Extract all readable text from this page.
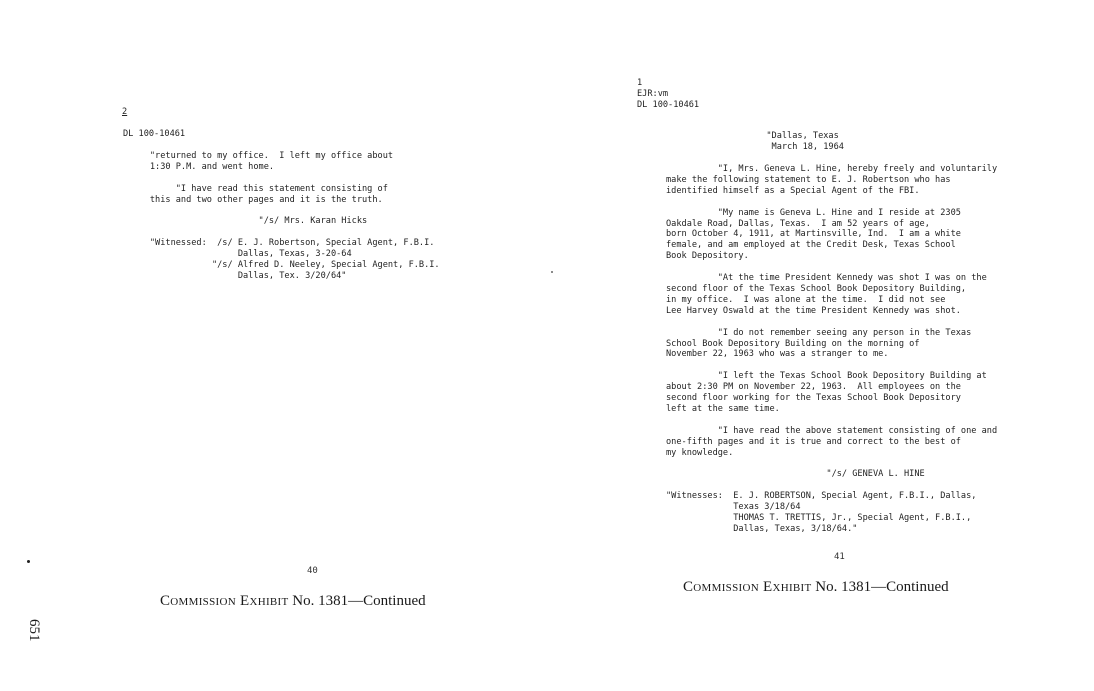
2
DL 100-10461
"returned to my office.  I left my office about
1:30 P.M. and went home.

"I have read this statement consisting of
this and two other pages and it is the truth.

"/s/ Mrs. Karan Hicks

"Witnessed:  /s/ E. J. Robertson, Special Agent, F.B.I.
Dallas, Texas, 3-20-64
"/s/ Alfred D. Neeley, Special Agent, F.B.I.
Dallas, Tex. 3/20/64"
40
Commission Exhibit No. 1381—Continued
1
EJR:vm
DL 100-10461
"Dallas, Texas
March 18, 1964
"I, Mrs. Geneva L. Hine, hereby freely and voluntarily
make the following statement to E. J. Robertson who has
identified himself as a Special Agent of the FBI.

"My name is Geneva L. Hine and I reside at 2305
Oakdale Road, Dallas, Texas.  I am 52 years of age,
born October 4, 1911, at Martinsville, Ind.  I am a white
female, and am employed at the Credit Desk, Texas School
Book Depository.

"At the time President Kennedy was shot I was on the
second floor of the Texas School Book Depository Building,
in my office.  I was alone at the time.  I did not see
Lee Harvey Oswald at the time President Kennedy was shot.

"I do not remember seeing any person in the Texas
School Book Depository Building on the morning of
November 22, 1963 who was a stranger to me.

"I left the Texas School Book Depository Building at
about 2:30 PM on November 22, 1963.  All employees on the
second floor working for the Texas School Book Depository
left at the same time.

"I have read the above statement consisting of one and
one-fifth pages and it is true and correct to the best of
my knowledge.

"/s/ GENEVA L. HINE

"Witnesses:  E. J. ROBERTSON, Special Agent, F.B.I., Dallas,
Texas 3/18/64
THOMAS T. TRETTIS, Jr., Special Agent, F.B.I.,
Dallas, Texas, 3/18/64."
41
Commission Exhibit No. 1381—Continued
651
